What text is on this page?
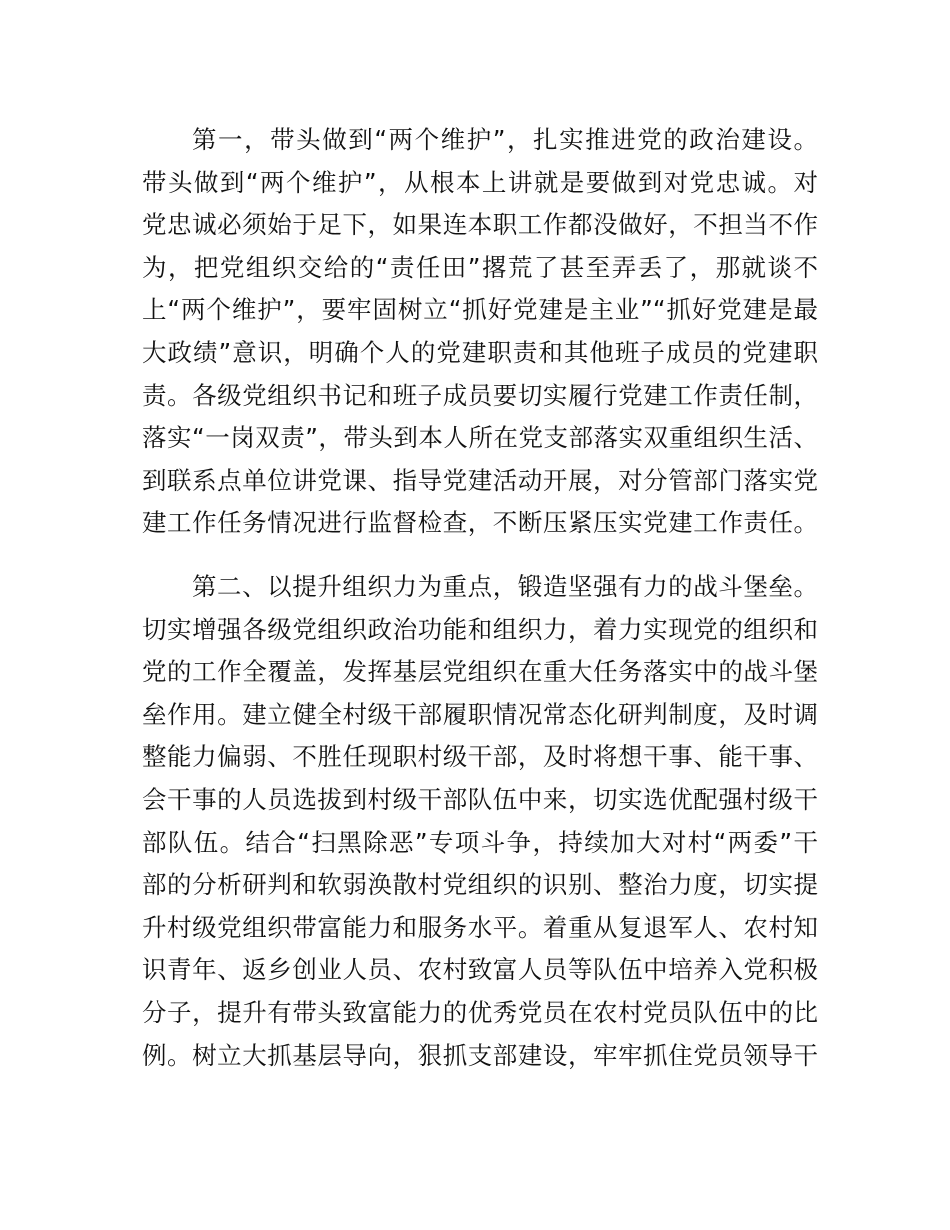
第一，带头做到“两个维护”，扎实推进党的政治建设。
带头做到“两个维护”，从根本上讲就是要做到对党忠诚。对
党忠诚必须始于足下，如果连本职工作都没做好，不担当不作
为，把党组织交给的“责任田”撂荒了甚至弄丢了，那就谈不
上“两个维护”，要牢固树立“抓好党建是主业”“抓好党建是最
大政绩”意识，明确个人的党建职责和其他班子成员的党建职
责。各级党组织书记和班子成员要切实履行党建工作责任制，
落实“一岗双责”，带头到本人所在党支部落实双重组织生活、
到联系点单位讲党课、指导党建活动开展，对分管部门落实党
建工作任务情况进行监督检查，不断压紧压实党建工作责任。
第二、以提升组织力为重点，锻造坚强有力的战斗堡垒。
切实增强各级党组织政治功能和组织力，着力实现党的组织和
党的工作全覆盖，发挥基层党组织在重大任务落实中的战斗堡
垒作用。建立健全村级干部履职情况常态化研判制度，及时调
整能力偏弱、不胜任现职村级干部，及时将想干事、能干事、
会干事的人员选拔到村级干部队伍中来，切实选优配强村级干
部队伍。结合“扫黑除恶”专项斗争，持续加大对村“两委”干
部的分析研判和软弱涣散村党组织的识别、整治力度，切实提
升村级党组织带富能力和服务水平。着重从复退军人、农村知
识青年、返乡创业人员、农村致富人员等队伍中培养入党积极
分子，提升有带头致富能力的优秀党员在农村党员队伍中的比
例。树立大抓基层导向，狠抓支部建设，牢牢抓住党员领导干
